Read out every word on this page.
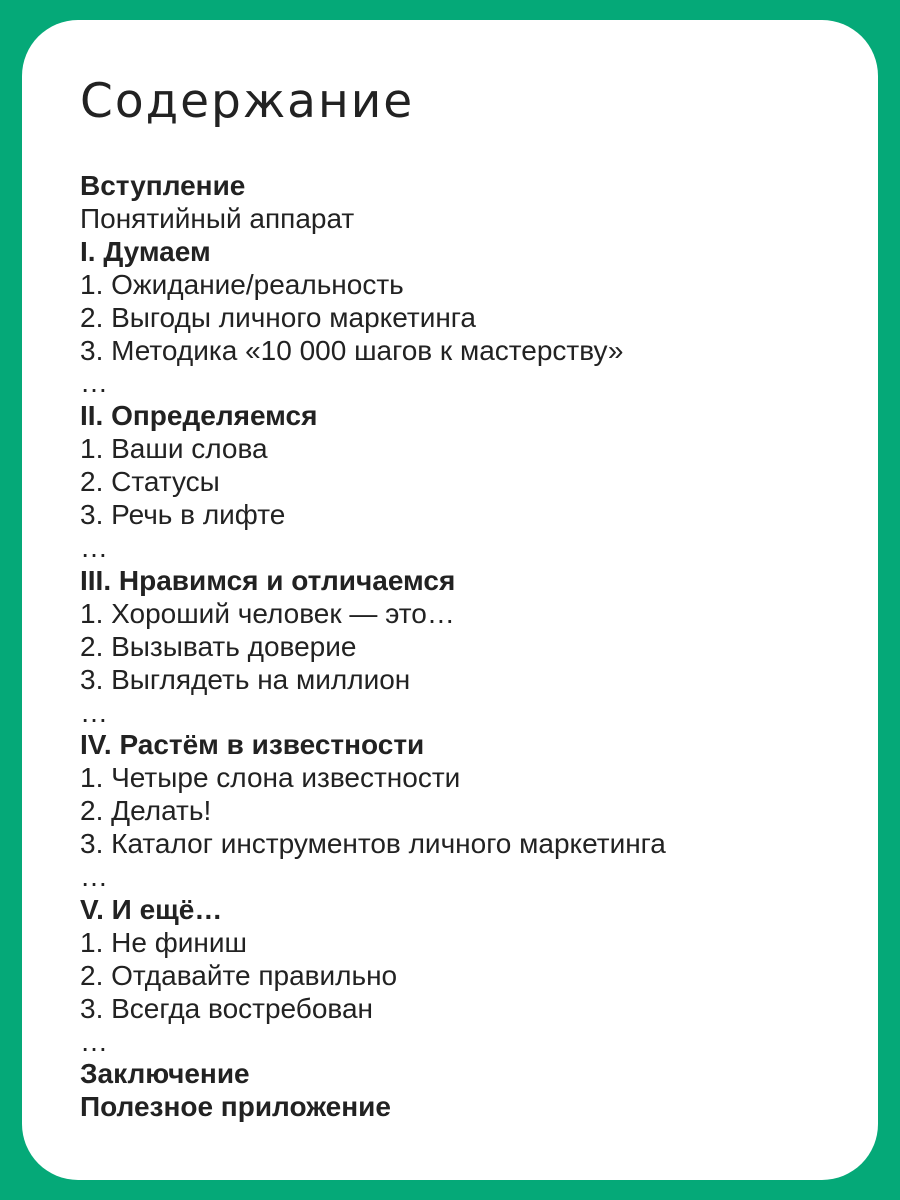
Содержание
Вступление
Понятийный аппарат
I. Думаем
1. Ожидание/реальность
2. Выгоды личного маркетинга
3. Методика «10 000 шагов к мастерству»
…
II. Определяемся
1. Ваши слова
2. Статусы
3. Речь в лифте
…
III. Нравимся и отличаемся
1. Хороший человек — это…
2. Вызывать доверие
3. Выглядеть на миллион
…
IV. Растём в известности
1. Четыре слона известности
2. Делать!
3. Каталог инструментов личного маркетинга
…
V. И ещё…
1. Не финиш
2. Отдавайте правильно
3. Всегда востребован
…
Заключение
Полезное приложение
